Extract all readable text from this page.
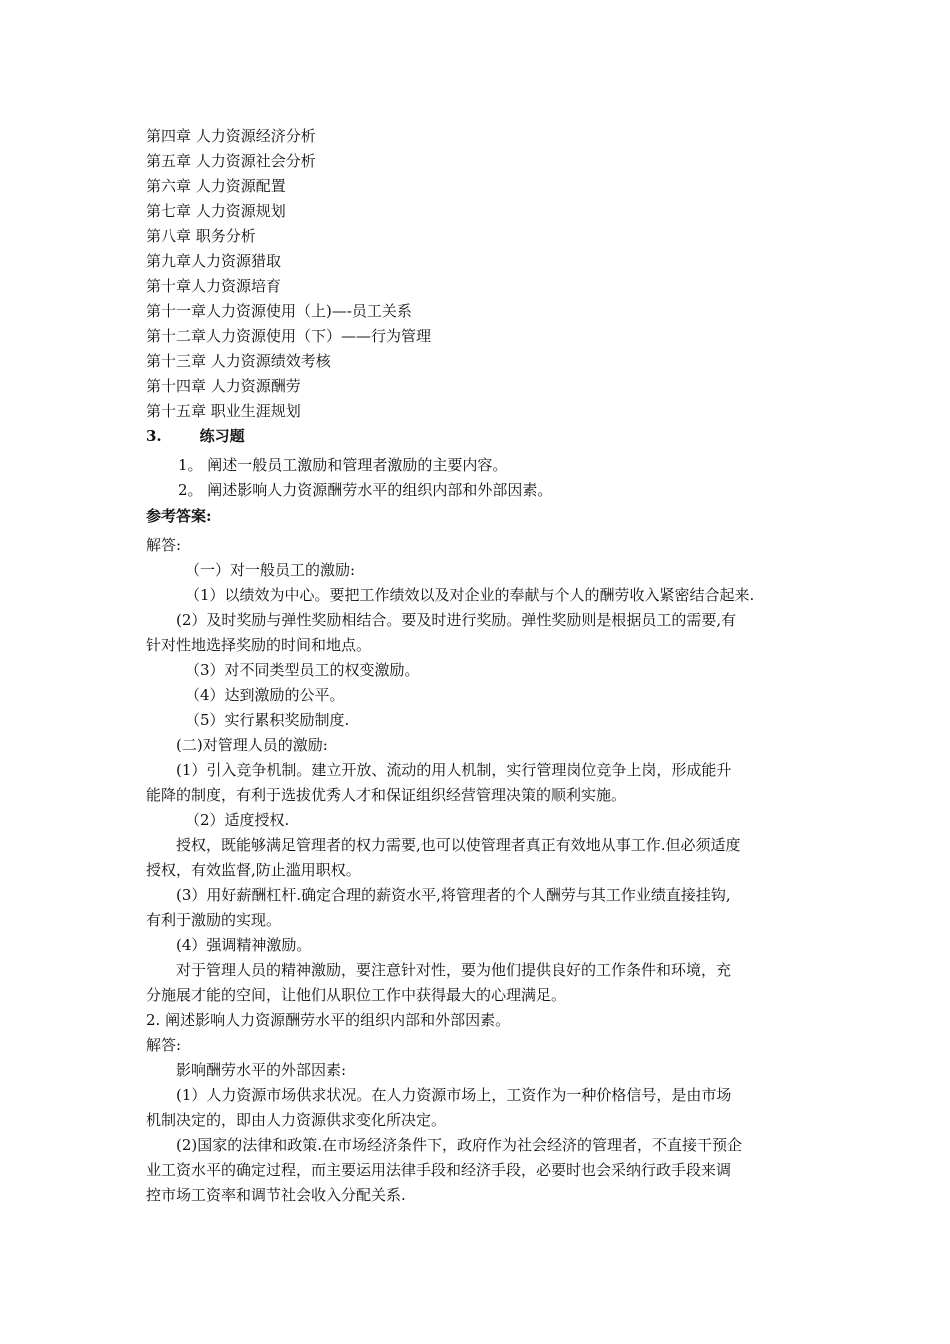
第四章 人力资源经济分析
第五章 人力资源社会分析
第六章 人力资源配置
第七章 人力资源规划
第八章 职务分析
第九章人力资源猎取
第十章人力资源培育
第十一章人力资源使用（上)—-员工关系
第十二章人力资源使用（下）——行为管理
第十三章 人力资源绩效考核
第十四章 人力资源酬劳
第十五章 职业生涯规划
3.	练习题
1。 阐述一般员工激励和管理者激励的主要内容。
2。 阐述影响人力资源酬劳水平的组织内部和外部因素。
参考答案:
解答:
（一）对一般员工的激励:
（1）以绩效为中心。要把工作绩效以及对企业的奉献与个人的酬劳收入紧密结合起来.
(2）及时奖励与弹性奖励相结合。要及时进行奖励。弹性奖励则是根据员工的需要,有
针对性地选择奖励的时间和地点。
（3）对不同类型员工的权变激励。
（4）达到激励的公平。
（5）实行累积奖励制度.
(二)对管理人员的激励:
(1）引入竞争机制。建立开放、流动的用人机制，实行管理岗位竞争上岗，形成能升
能降的制度，有利于选拔优秀人才和保证组织经营管理决策的顺利实施。
（2）适度授权.
授权，既能够满足管理者的权力需要,也可以使管理者真正有效地从事工作.但必须适度
授权，有效监督,防止滥用职权。
(3）用好薪酬杠杆.确定合理的薪资水平,将管理者的个人酬劳与其工作业绩直接挂钩,
有利于激励的实现。
(4）强调精神激励。
对于管理人员的精神激励，要注意针对性，要为他们提供良好的工作条件和环境，充
分施展才能的空间，让他们从职位工作中获得最大的心理满足。
2. 阐述影响人力资源酬劳水平的组织内部和外部因素。
解答:
影响酬劳水平的外部因素:
(1）人力资源市场供求状况。在人力资源市场上，工资作为一种价格信号，是由市场
机制决定的，即由人力资源供求变化所决定。
(2)国家的法律和政策.在市场经济条件下，政府作为社会经济的管理者，不直接干预企
业工资水平的确定过程，而主要运用法律手段和经济手段，必要时也会采纳行政手段来调
控市场工资率和调节社会收入分配关系.
